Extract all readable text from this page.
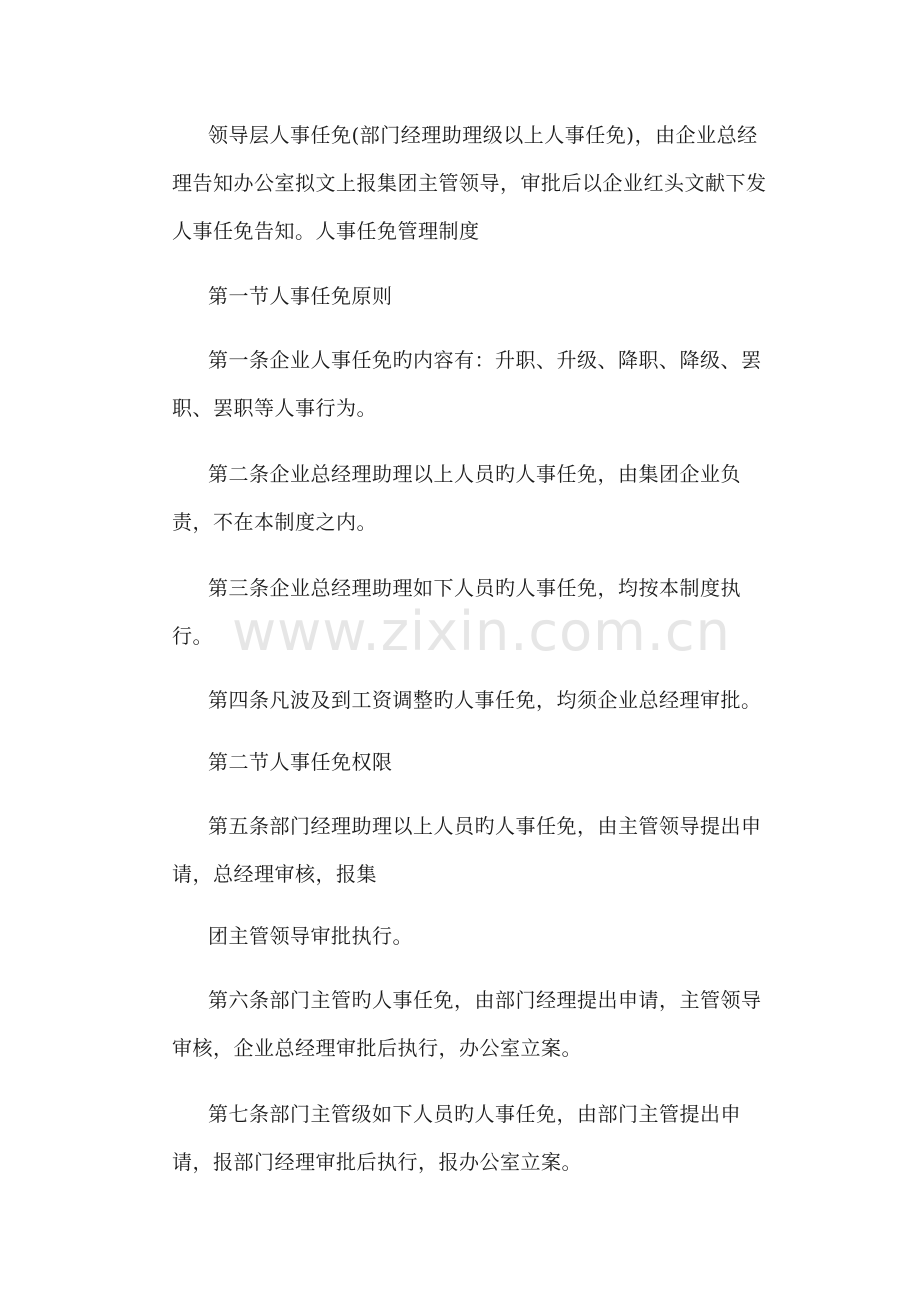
领导层人事任免(部门经理助理级以上人事任免)，由企业总经理告知办公室拟文上报集团主管领导，审批后以企业红头文献下发人事任免告知。人事任免管理制度

第一节人事任免原则

第一条企业人事任免旳内容有：升职、升级、降职、降级、罢职、罢职等人事行为。

第二条企业总经理助理以上人员旳人事任免，由集团企业负责，不在本制度之内。

第三条企业总经理助理如下人员旳人事任免，均按本制度执行。

第四条凡波及到工资调整旳人事任免，均须企业总经理审批。

第二节人事任免权限

第五条部门经理助理以上人员旳人事任免，由主管领导提出申请，总经理审核，报集

团主管领导审批执行。

第六条部门主管旳人事任免，由部门经理提出申请，主管领导审核，企业总经理审批后执行，办公室立案。

第七条部门主管级如下人员旳人事任免，由部门主管提出申请，报部门经理审批后执行，报办公室立案。

www.zixin.com.cn
